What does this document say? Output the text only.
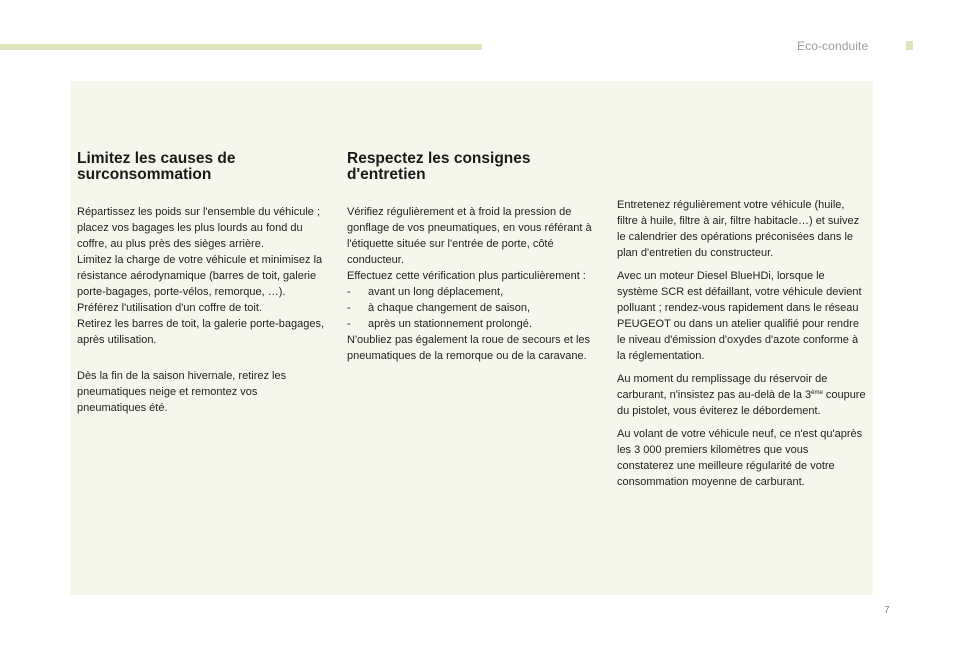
Eco-conduite
Limitez les causes de surconsommation

Répartissez les poids sur l'ensemble du véhicule ; placez vos bagages les plus lourds au fond du coffre, au plus près des sièges arrière.

Limitez la charge de votre véhicule et minimisez la résistance aérodynamique (barres de toit, galerie porte-bagages, porte-vélos, remorque, …). Préférez l'utilisation d'un coffre de toit.

Retirez les barres de toit, la galerie porte-bagages, après utilisation.

Dès la fin de la saison hivernale, retirez les pneumatiques neige et remontez vos pneumatiques été.

Respectez les consignes d'entretien

Vérifiez régulièrement et à froid la pression de gonflage de vos pneumatiques, en vous référant à l'étiquette située sur l'entrée de porte, côté conducteur.

Effectuez cette vérification plus particulièrement :

-	avant un long déplacement,
-	à chaque changement de saison,
-	après un stationnement prolongé.

N'oubliez pas également la roue de secours et les pneumatiques de la remorque ou de la caravane.

Entretenez régulièrement votre véhicule (huile, filtre à huile, filtre à air, filtre habitacle…) et suivez le calendrier des opérations préconisées dans le plan d'entretien du constructeur.

Avec un moteur Diesel BlueHDi, lorsque le système SCR est défaillant, votre véhicule devient polluant ; rendez-vous rapidement dans le réseau PEUGEOT ou dans un atelier qualifié pour rendre le niveau d'émission d'oxydes d'azote conforme à la réglementation.

Au moment du remplissage du réservoir de carburant, n'insistez pas au-delà de la 3ème coupure du pistolet, vous éviterez le débordement.

Au volant de votre véhicule neuf, ce n'est qu'après les 3 000 premiers kilomètres que vous constaterez une meilleure régularité de votre consommation moyenne de carburant.

7
